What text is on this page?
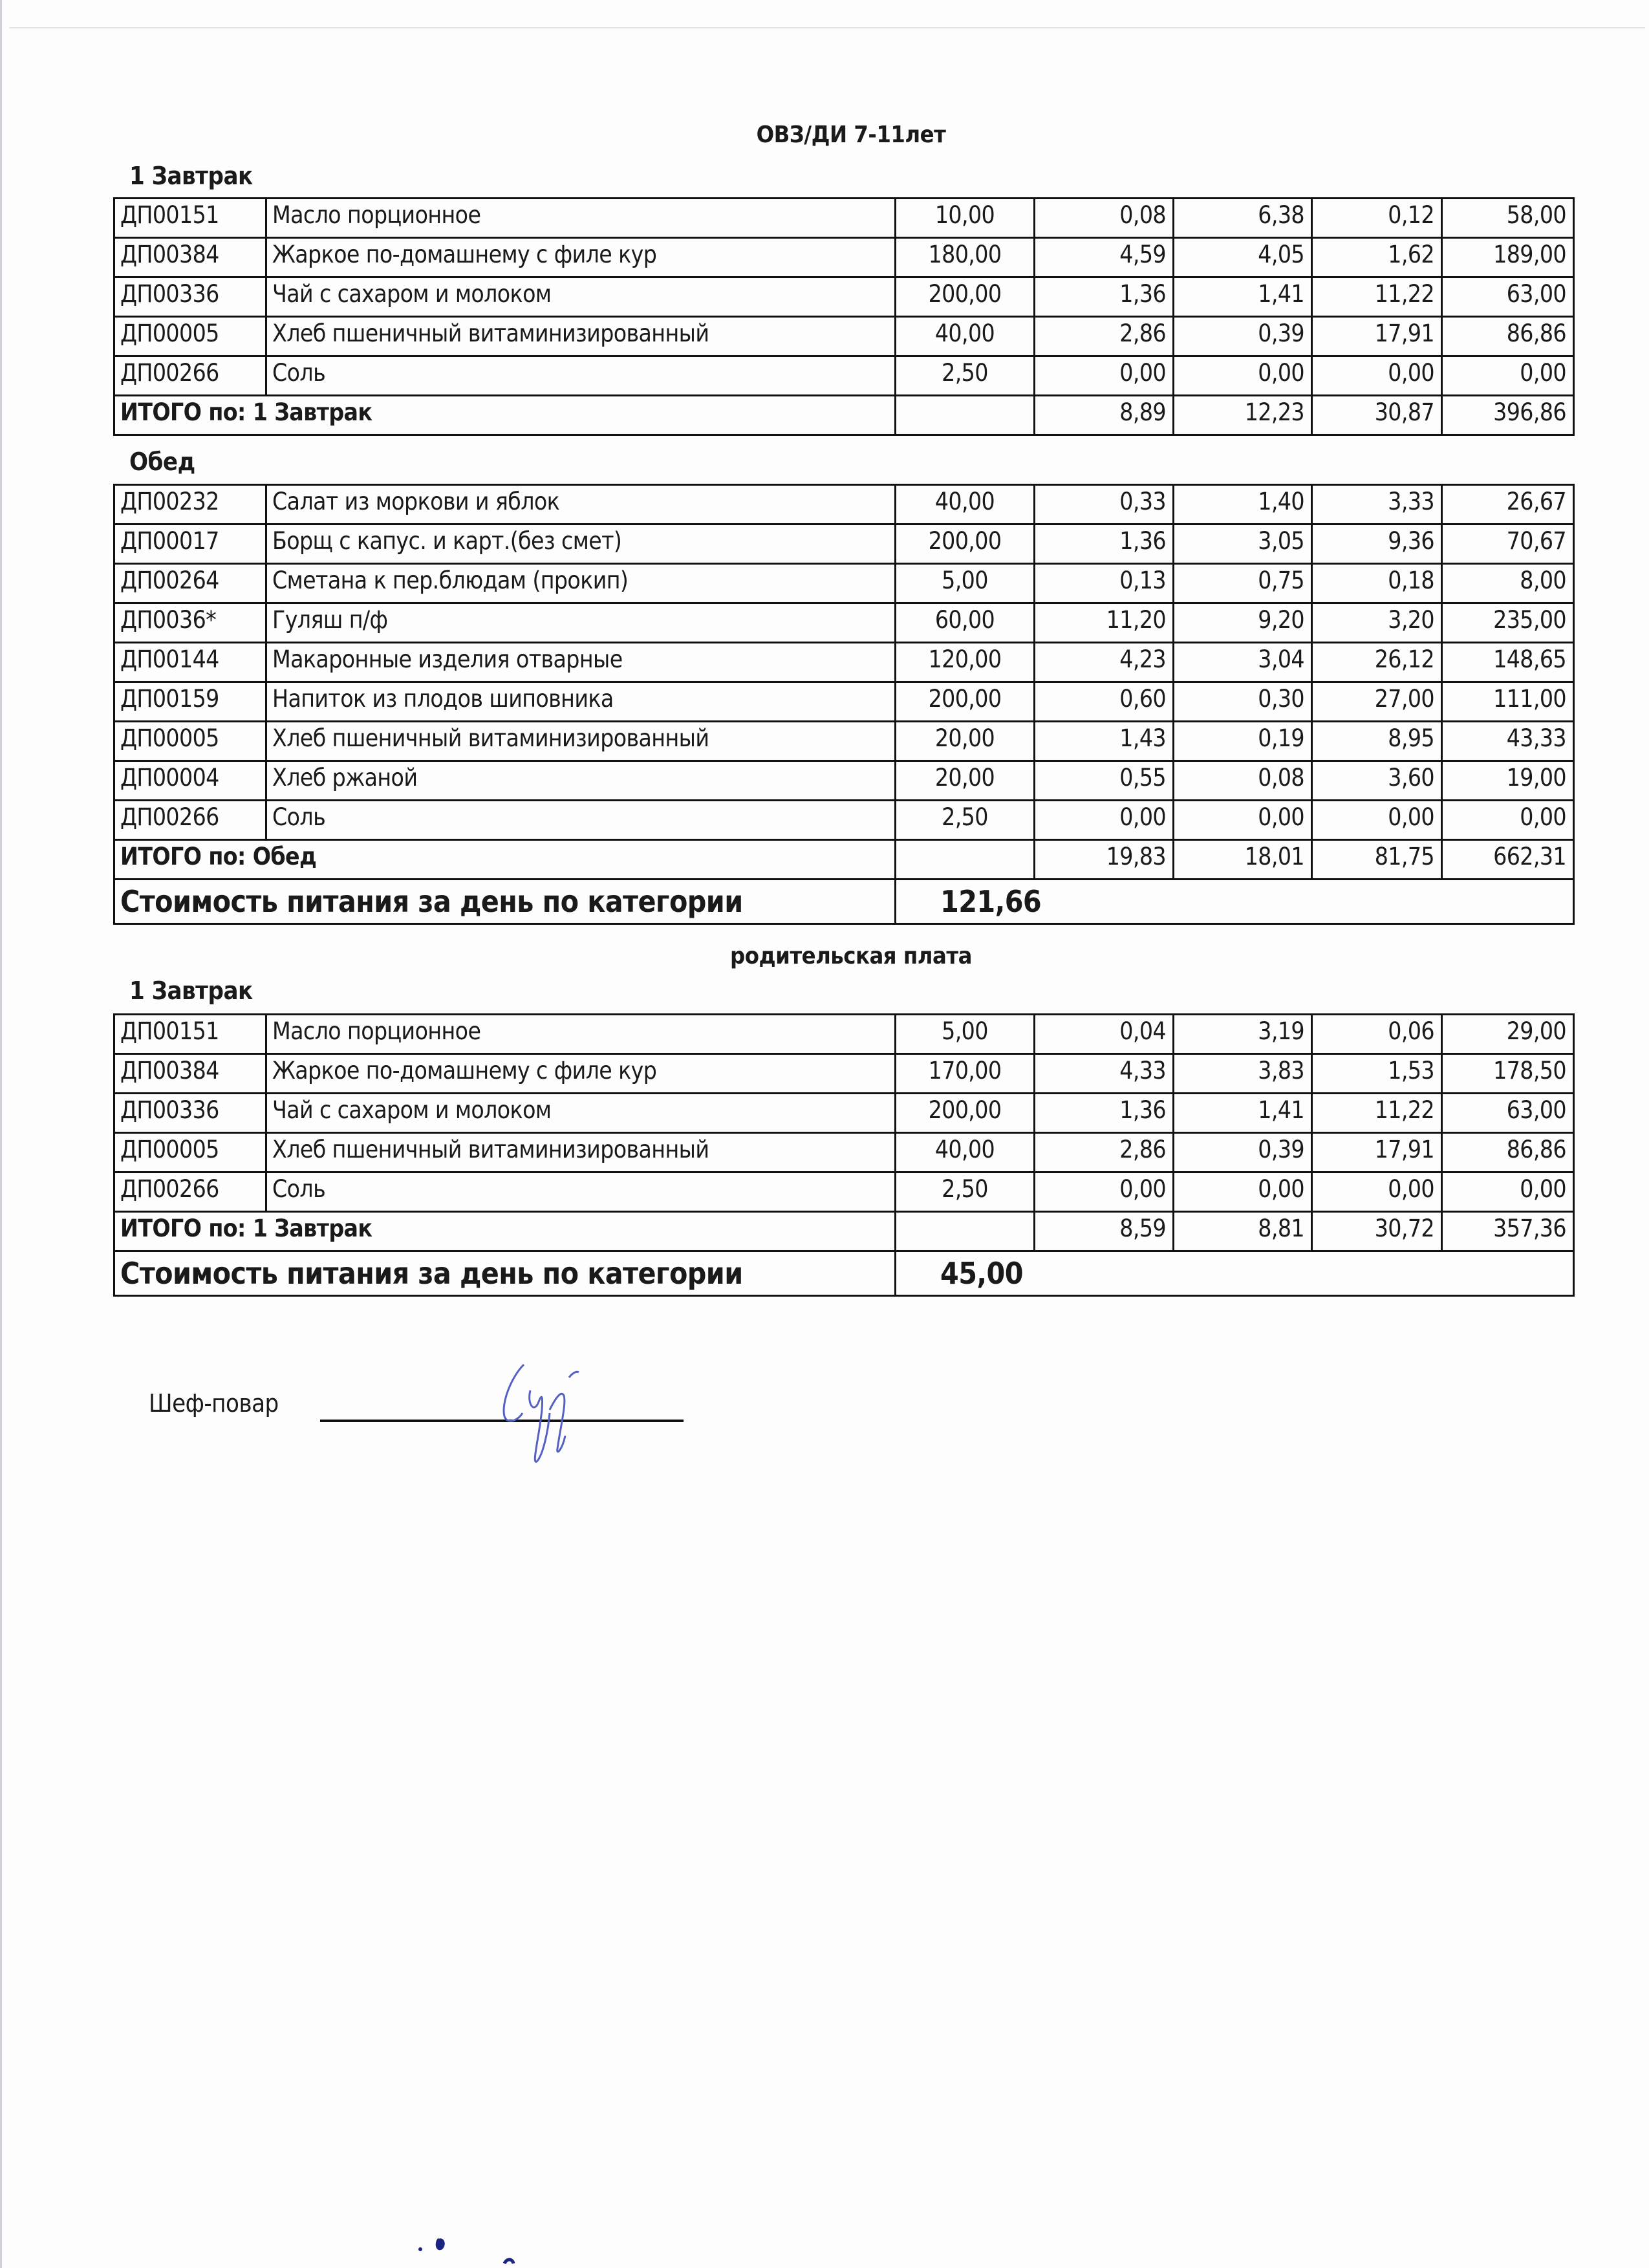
ОВЗ/ДИ 7-11лет
1 Завтрак
ДП00151	Масло порционное	10,00	0,08	6,38	0,12	58,00
ДП00384	Жаркое по-домашнему с филе кур	180,00	4,59	4,05	1,62	189,00
ДП00336	Чай с сахаром и молоком	200,00	1,36	1,41	11,22	63,00
ДП00005	Хлеб пшеничный витаминизированный	40,00	2,86	0,39	17,91	86,86
ДП00266	Соль	2,50	0,00	0,00	0,00	0,00
ИТОГО по: 1 Завтрак			8,89	12,23	30,87	396,86
Обед
ДП00232	Салат из моркови и яблок	40,00	0,33	1,40	3,33	26,67
ДП00017	Борщ с капус. и карт.(без смет)	200,00	1,36	3,05	9,36	70,67
ДП00264	Сметана к пер.блюдам (прокип)	5,00	0,13	0,75	0,18	8,00
ДП0036*	Гуляш п/ф	60,00	11,20	9,20	3,20	235,00
ДП00144	Макаронные изделия отварные	120,00	4,23	3,04	26,12	148,65
ДП00159	Напиток из плодов шиповника	200,00	0,60	0,30	27,00	111,00
ДП00005	Хлеб пшеничный витаминизированный	20,00	1,43	0,19	8,95	43,33
ДП00004	Хлеб ржаной	20,00	0,55	0,08	3,60	19,00
ДП00266	Соль	2,50	0,00	0,00	0,00	0,00
ИТОГО по: Обед			19,83	18,01	81,75	662,31
Стоимость питания за день по категории		121,66				
родительская плата
1 Завтрак
ДП00151	Масло порционное	5,00	0,04	3,19	0,06	29,00
ДП00384	Жаркое по-домашнему с филе кур	170,00	4,33	3,83	1,53	178,50
ДП00336	Чай с сахаром и молоком	200,00	1,36	1,41	11,22	63,00
ДП00005	Хлеб пшеничный витаминизированный	40,00	2,86	0,39	17,91	86,86
ДП00266	Соль	2,50	0,00	0,00	0,00	0,00
ИТОГО по: 1 Завтрак			8,59	8,81	30,72	357,36
Стоимость питания за день по категории		45,00				
Шеф-повар
